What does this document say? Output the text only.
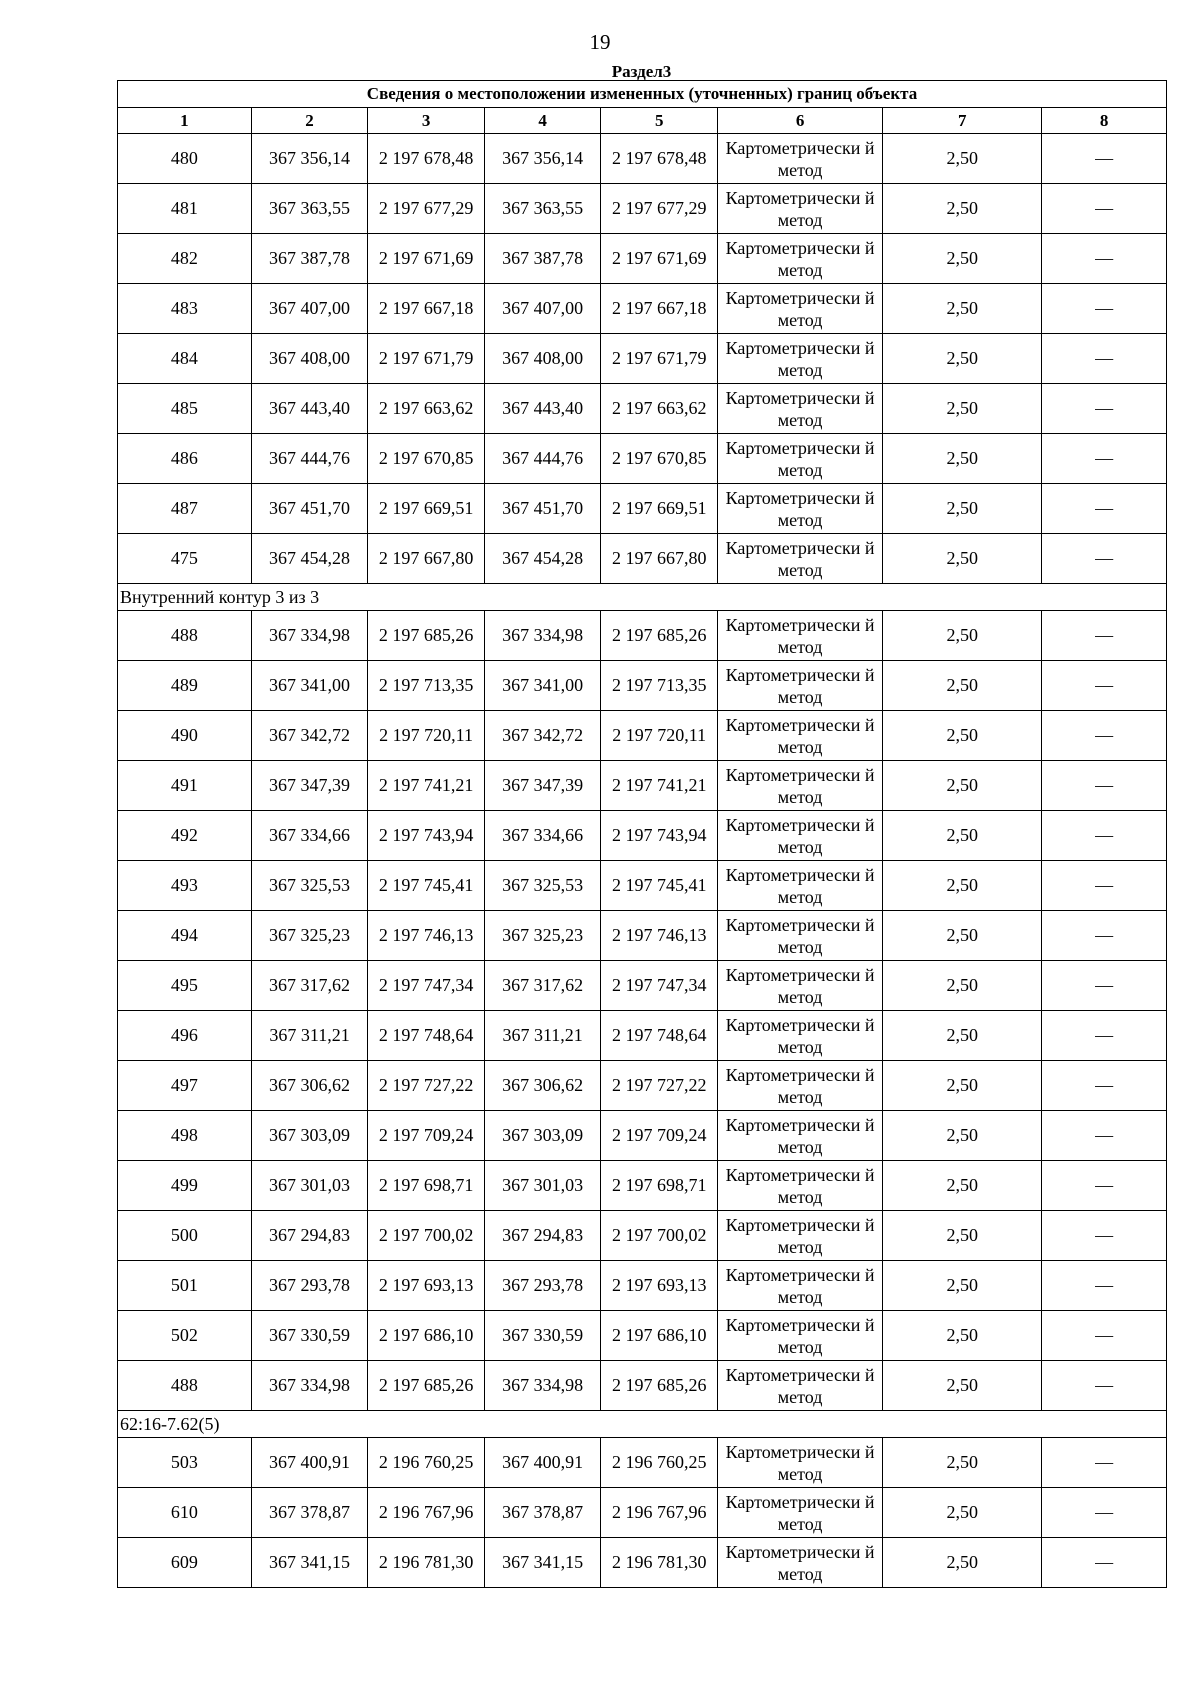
19
Раздел3
Сведения о местоположении измененных (уточненных) границ объекта							
1	2	3	4	5	6	7	8
480	367 356,14	2 197 678,48	367 356,14	2 197 678,48	Картометрически й метод	2,50	—
481	367 363,55	2 197 677,29	367 363,55	2 197 677,29	Картометрически й метод	2,50	—
482	367 387,78	2 197 671,69	367 387,78	2 197 671,69	Картометрически й метод	2,50	—
483	367 407,00	2 197 667,18	367 407,00	2 197 667,18	Картометрически й метод	2,50	—
484	367 408,00	2 197 671,79	367 408,00	2 197 671,79	Картометрически й метод	2,50	—
485	367 443,40	2 197 663,62	367 443,40	2 197 663,62	Картометрически й метод	2,50	—
486	367 444,76	2 197 670,85	367 444,76	2 197 670,85	Картометрически й метод	2,50	—
487	367 451,70	2 197 669,51	367 451,70	2 197 669,51	Картометрически й метод	2,50	—
475	367 454,28	2 197 667,80	367 454,28	2 197 667,80	Картометрически й метод	2,50	—
Внутренний контур 3 из 3							
488	367 334,98	2 197 685,26	367 334,98	2 197 685,26	Картометрически й метод	2,50	—
489	367 341,00	2 197 713,35	367 341,00	2 197 713,35	Картометрически й метод	2,50	—
490	367 342,72	2 197 720,11	367 342,72	2 197 720,11	Картометрически й метод	2,50	—
491	367 347,39	2 197 741,21	367 347,39	2 197 741,21	Картометрически й метод	2,50	—
492	367 334,66	2 197 743,94	367 334,66	2 197 743,94	Картометрически й метод	2,50	—
493	367 325,53	2 197 745,41	367 325,53	2 197 745,41	Картометрически й метод	2,50	—
494	367 325,23	2 197 746,13	367 325,23	2 197 746,13	Картометрически й метод	2,50	—
495	367 317,62	2 197 747,34	367 317,62	2 197 747,34	Картометрически й метод	2,50	—
496	367 311,21	2 197 748,64	367 311,21	2 197 748,64	Картометрически й метод	2,50	—
497	367 306,62	2 197 727,22	367 306,62	2 197 727,22	Картометрически й метод	2,50	—
498	367 303,09	2 197 709,24	367 303,09	2 197 709,24	Картометрически й метод	2,50	—
499	367 301,03	2 197 698,71	367 301,03	2 197 698,71	Картометрически й метод	2,50	—
500	367 294,83	2 197 700,02	367 294,83	2 197 700,02	Картометрически й метод	2,50	—
501	367 293,78	2 197 693,13	367 293,78	2 197 693,13	Картометрически й метод	2,50	—
502	367 330,59	2 197 686,10	367 330,59	2 197 686,10	Картометрически й метод	2,50	—
488	367 334,98	2 197 685,26	367 334,98	2 197 685,26	Картометрически й метод	2,50	—
62:16-7.62(5)							
503	367 400,91	2 196 760,25	367 400,91	2 196 760,25	Картометрически й метод	2,50	—
610	367 378,87	2 196 767,96	367 378,87	2 196 767,96	Картометрически й метод	2,50	—
609	367 341,15	2 196 781,30	367 341,15	2 196 781,30	Картометрически й метод	2,50	—
